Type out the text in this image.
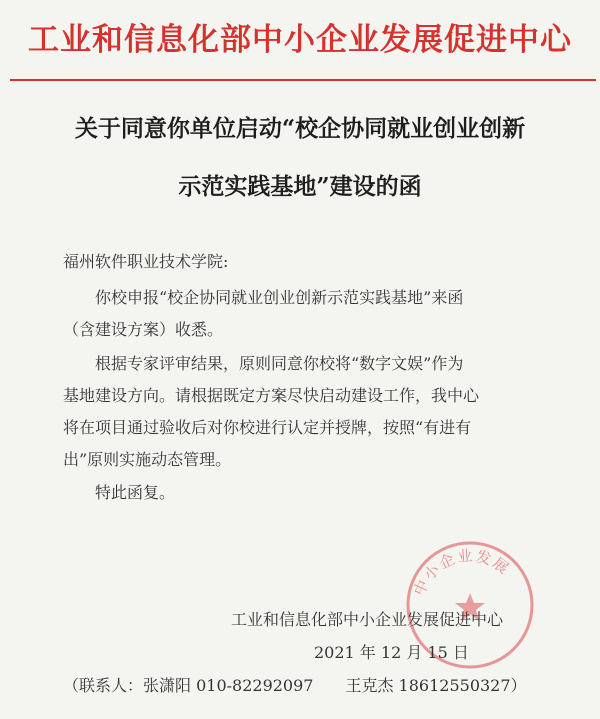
工业和信息化部中小企业发展促进中心
关于同意你单位启动“校企协同就业创业创新
示范实践基地”建设的函
福州软件职业技术学院:
你校申报“校企协同就业创业创新示范实践基地”来函
（含建设方案）收悉。
根据专家评审结果，原则同意你校将“数字文娱”作为
基地建设方向。请根据既定方案尽快启动建设工作，我中心
将在项目通过验收后对你校进行认定并授牌，按照“有进有
出”原则实施动态管理。
特此函复。
中小企业发展
工业和信息化部中小企业发展促进中心
2021 年 12 月 15 日
（联系人：张潇阳 010-82292097　　王克杰 18612550327）
